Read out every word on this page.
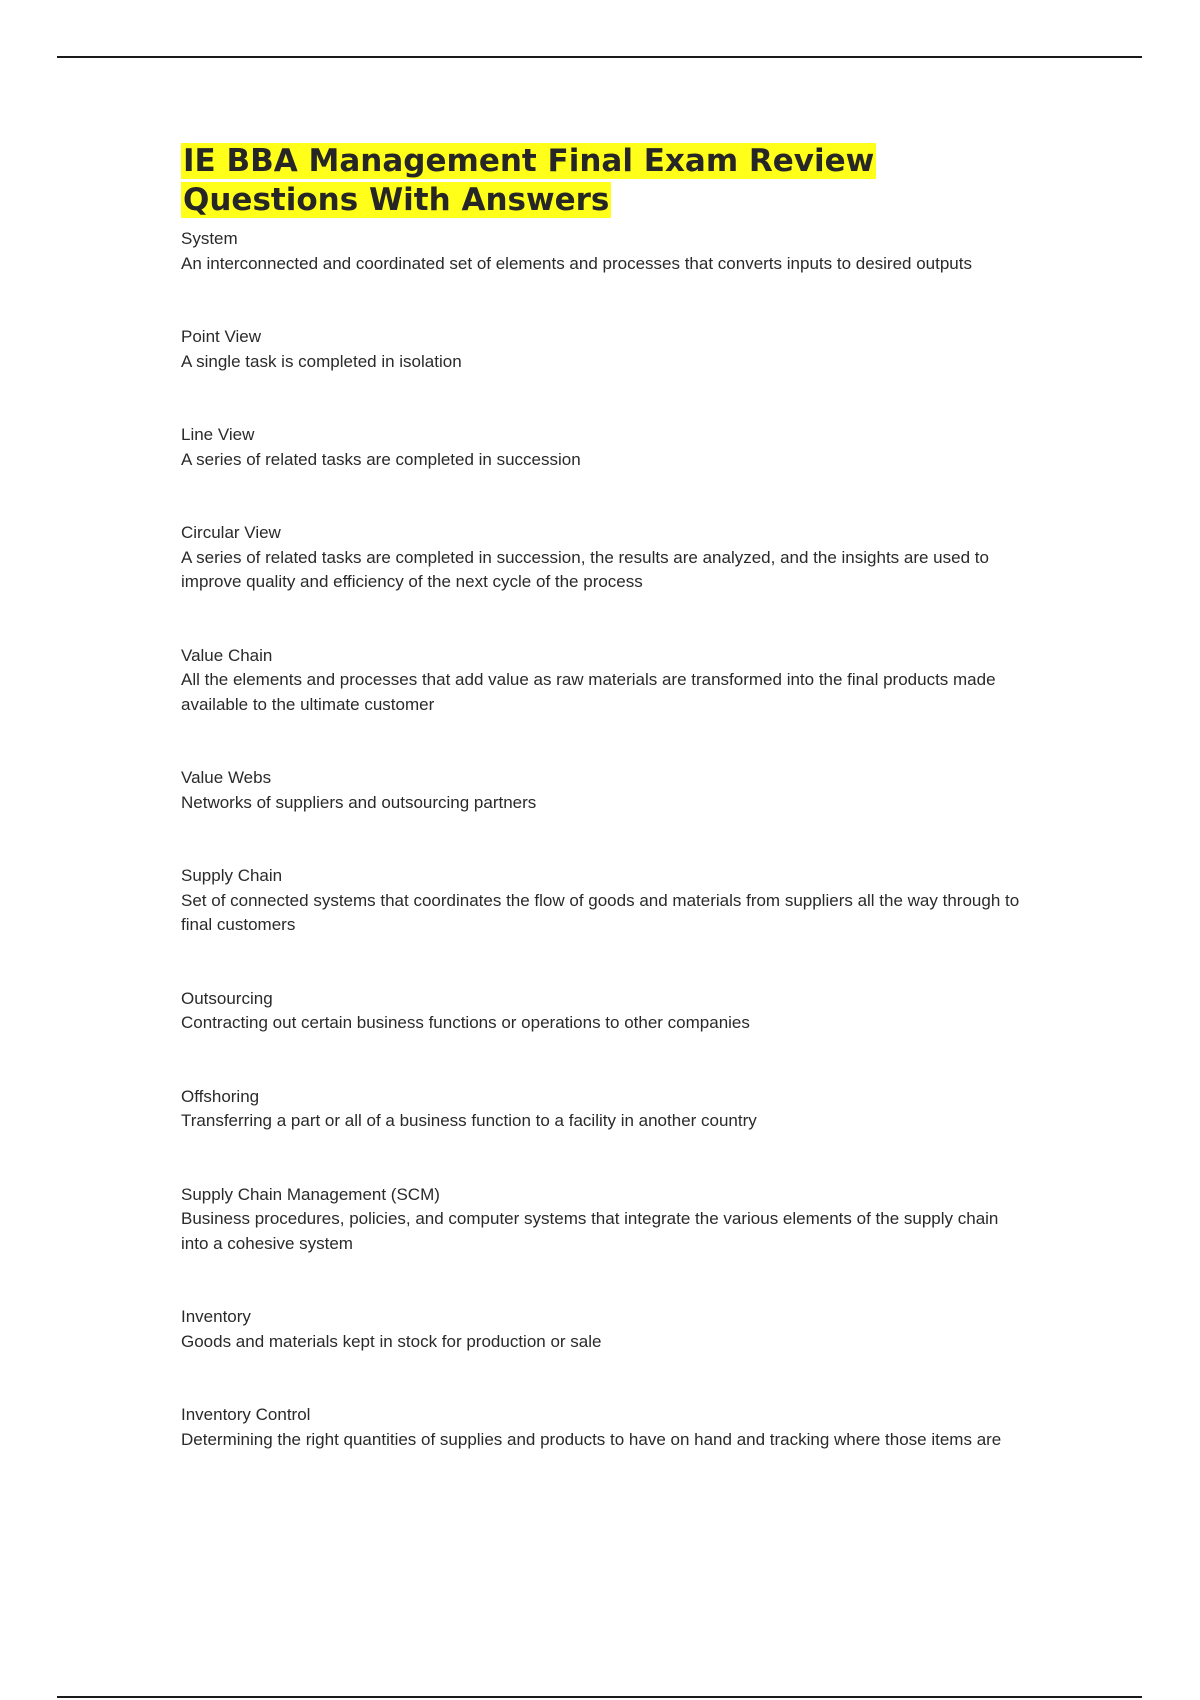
IE BBA Management Final Exam Review Questions With Answers
System
An interconnected and coordinated set of elements and processes that converts inputs to desired outputs
Point View
A single task is completed in isolation
Line View
A series of related tasks are completed in succession
Circular View
A series of related tasks are completed in succession, the results are analyzed, and the insights are used to improve quality and efficiency of the next cycle of the process
Value Chain
All the elements and processes that add value as raw materials are transformed into the final products made available to the ultimate customer
Value Webs
Networks of suppliers and outsourcing partners
Supply Chain
Set of connected systems that coordinates the flow of goods and materials from suppliers all the way through to final customers
Outsourcing
Contracting out certain business functions or operations to other companies
Offshoring
Transferring a part or all of a business function to a facility in another country
Supply Chain Management (SCM)
Business procedures, policies, and computer systems that integrate the various elements of the supply chain into a cohesive system
Inventory
Goods and materials kept in stock for production or sale
Inventory Control
Determining the right quantities of supplies and products to have on hand and tracking where those items are
